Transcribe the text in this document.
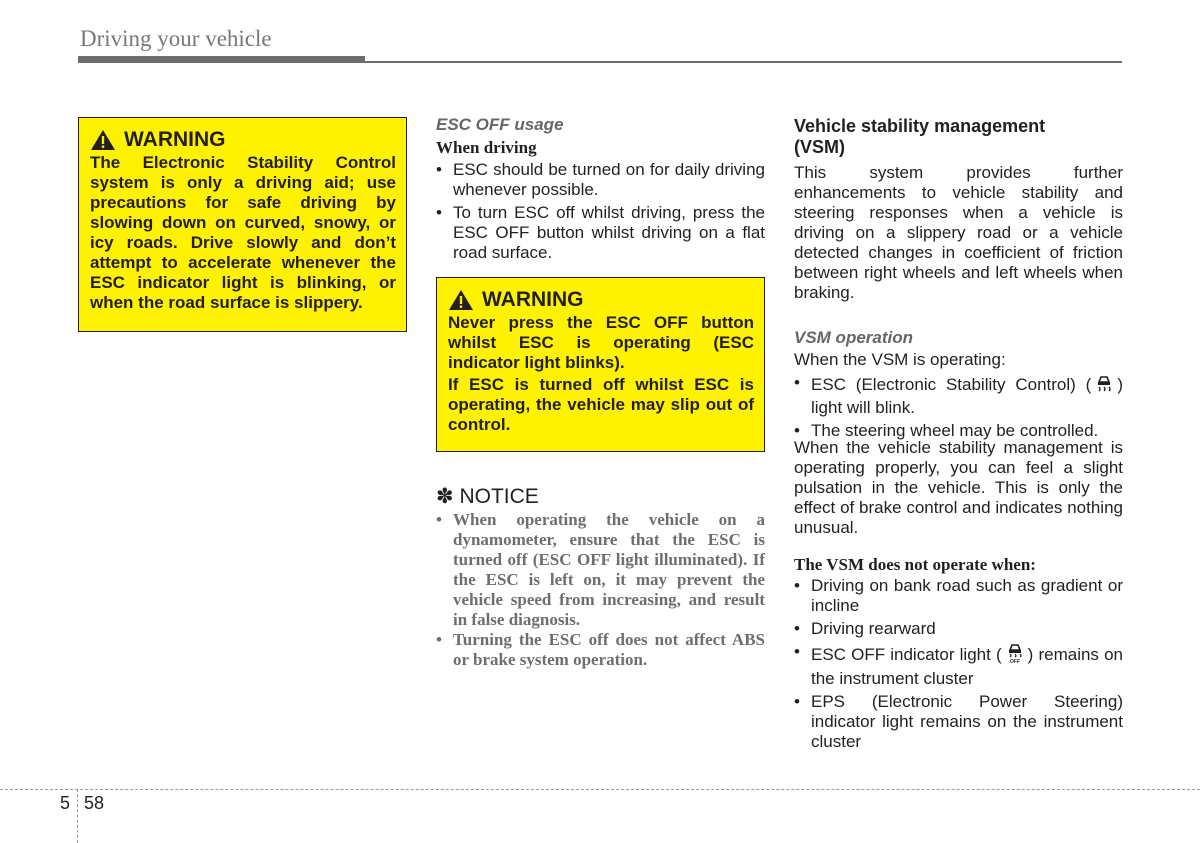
Driving your vehicle
WARNING

The Electronic Stability Control system is only a driving aid; use precautions for safe driving by slowing down on curved, snowy, or icy roads. Drive slowly and don’t attempt to accelerate whenever the ESC indicator light is blinking, or when the road surface is slippery.

ESC OFF usage
When driving
• ESC should be turned on for daily driving whenever possible.
• To turn ESC off whilst driving, press the ESC OFF button whilst driving on a flat road surface.
WARNING

Never press the ESC OFF button whilst ESC is operating (ESC indicator light blinks).

If ESC is turned off whilst ESC is operating, the vehicle may slip out of control.

✽ NOTICE
• When operating the vehicle on a dynamometer, ensure that the ESC is turned off (ESC OFF light illuminated). If the ESC is left on, it may prevent the vehicle speed from increasing, and result in false diagnosis.
• Turning the ESC off does not affect ABS or brake system operation.
Vehicle stability management (VSM)

This system provides further enhancements to vehicle stability and steering responses when a vehicle is driving on a slippery road or a vehicle detected changes in coefficient of friction between right wheels and left wheels when braking.

VSM operation

When the VSM is operating:

• ESC (Electronic Stability Control) ( ) light will blink.
• The steering wheel may be controlled.

When the vehicle stability management is operating properly, you can feel a slight pulsation in the vehicle. This is only the effect of brake control and indicates nothing unusual.

The VSM does not operate when:
• Driving on bank road such as gradient or incline
• Driving rearward
• ESC OFF indicator light ( OFF ) remains on the instrument cluster
• EPS (Electronic Power Steering) indicator light remains on the instrument cluster
5 58
